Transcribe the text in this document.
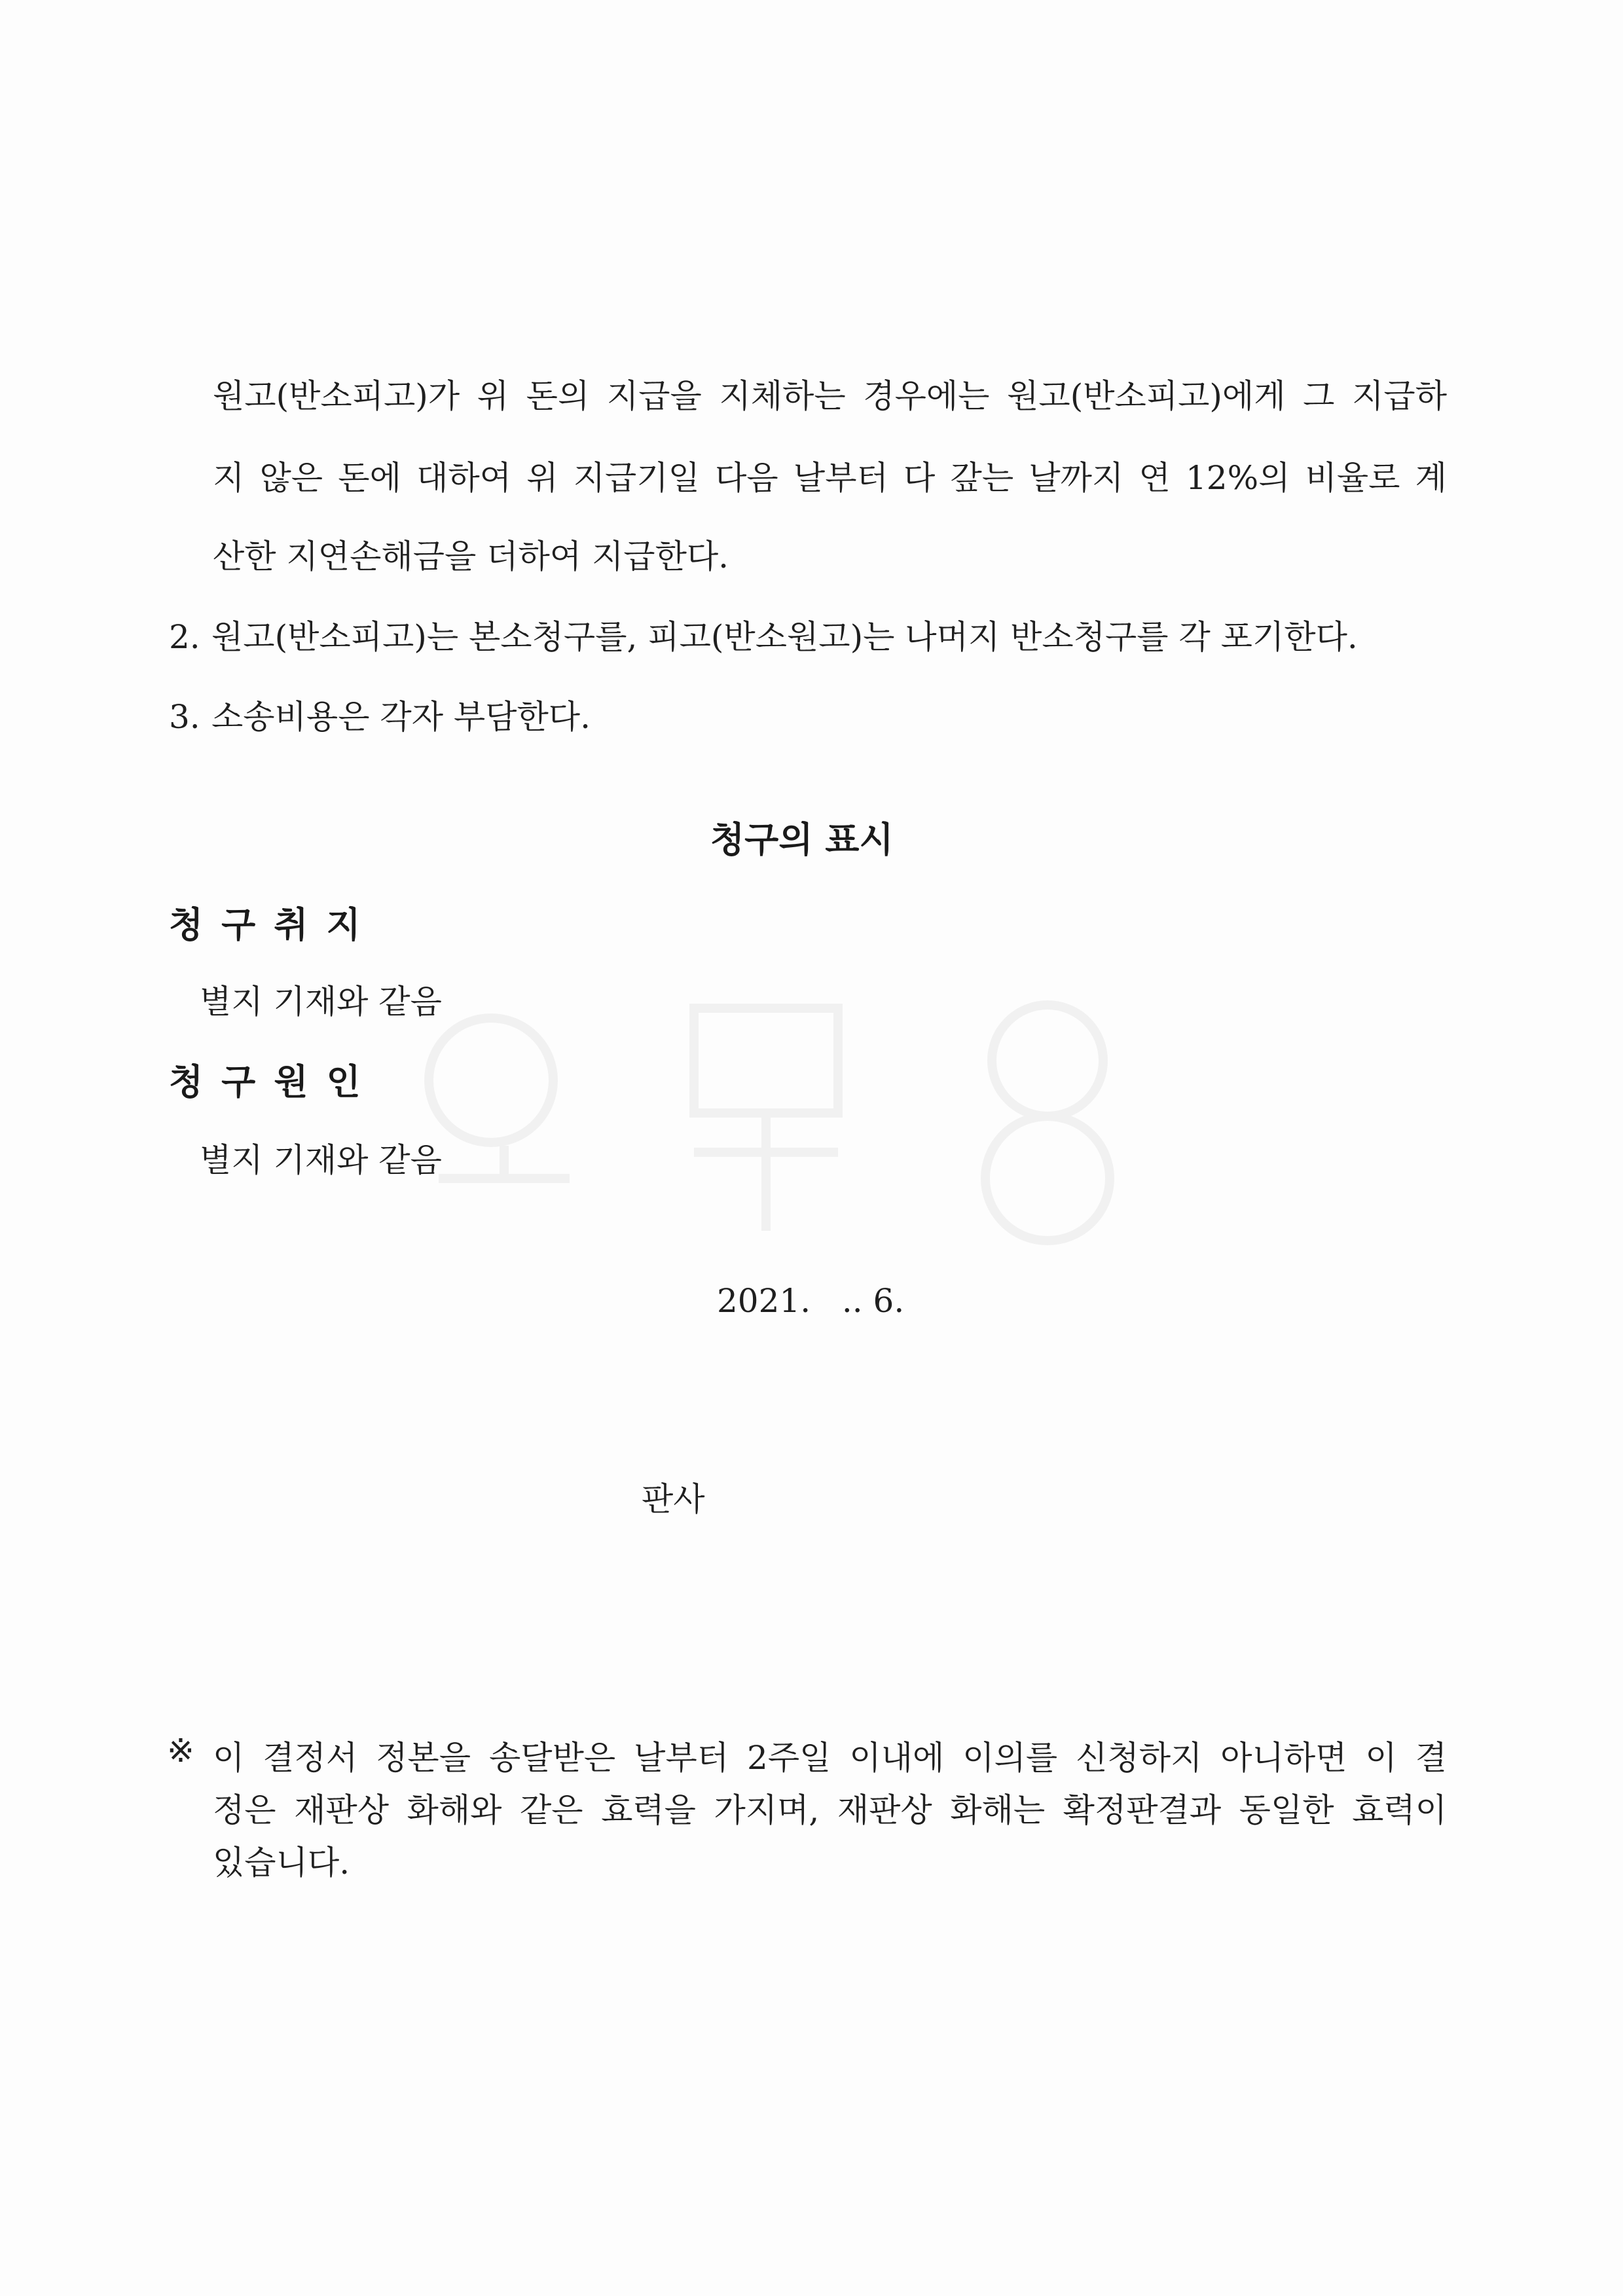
원고(반소피고)가 위 돈의 지급을 지체하는 경우에는 원고(반소피고)에게 그 지급하
지 않은 돈에 대하여 위 지급기일 다음 날부터 다 갚는 날까지 연 12%의 비율로 계
산한 지연손해금을 더하여 지급한다.
2. 원고(반소피고)는 본소청구를, 피고(반소원고)는 나머지 반소청구를 각 포기한다.
3. 소송비용은 각자 부담한다.
청구의 표시
청구취지
별지 기재와 같음
청구원인
별지 기재와 같음
2021.   .. 6.
판사
※ 이 결정서 정본을 송달받은 날부터 2주일 이내에 이의를 신청하지 아니하면 이 결
정은 재판상 화해와 같은 효력을 가지며, 재판상 화해는 확정판결과 동일한 효력이
있습니다.
